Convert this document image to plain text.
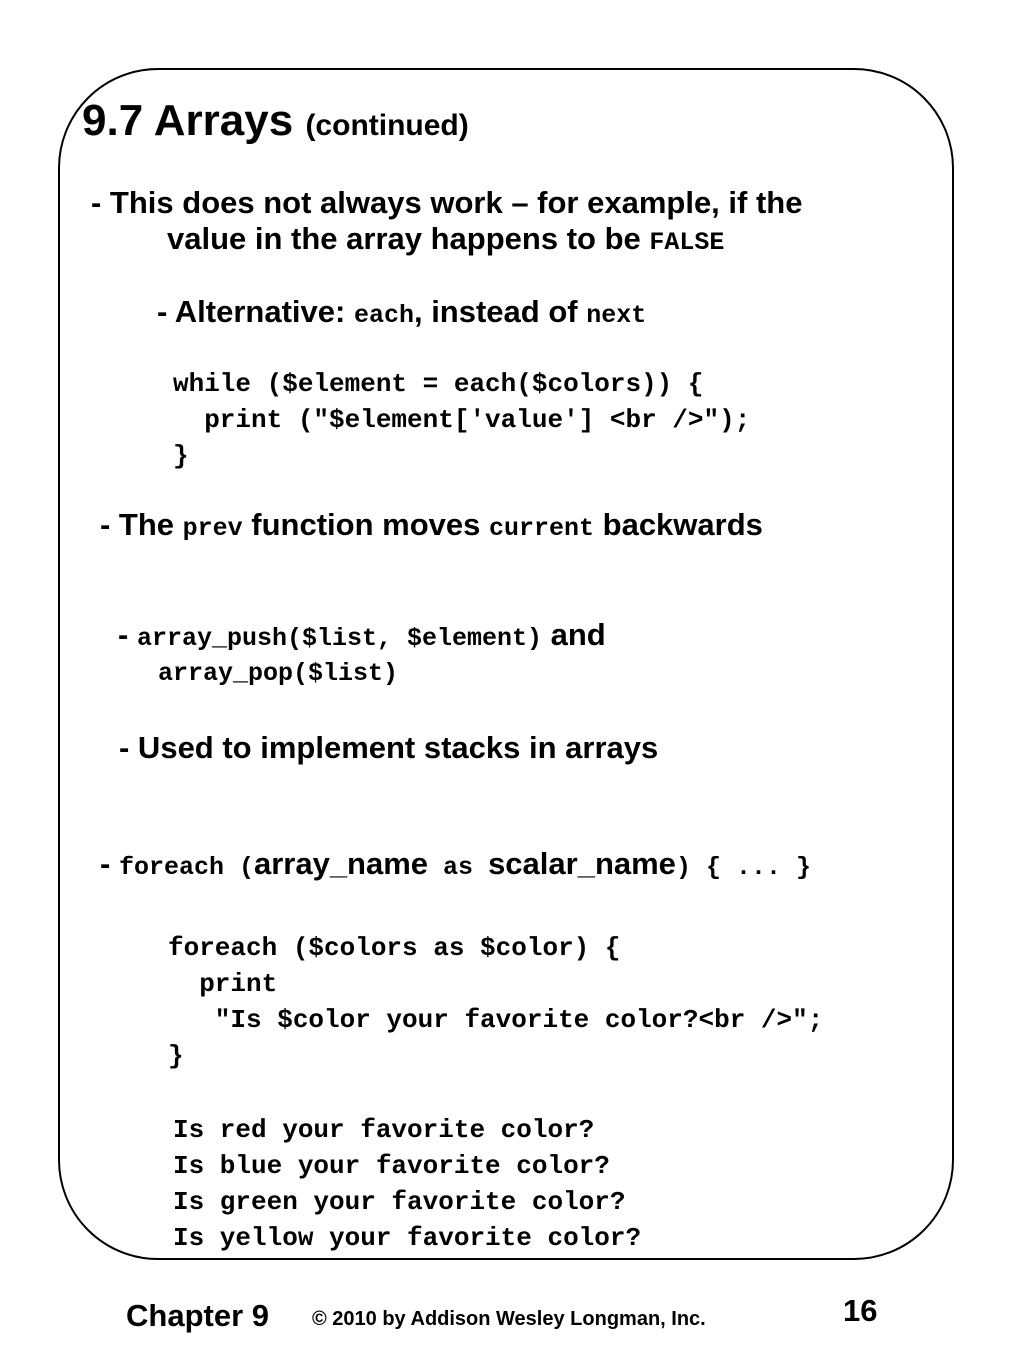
9.7 Arrays (continued)
- This does not always work – for example, if the
value in the array happens to be FALSE
- Alternative: each, instead of next
while ($element = each($colors)) {
print ("$element['value'] <br />");
}
- The prev function moves current backwards
- array_push($list, $element) and
array_pop($list)
- Used to implement stacks in arrays
- foreach (array_name as scalar_name) { ... }
foreach ($colors as $color) {
print
"Is $color your favorite color?<br />";
}
Is red your favorite color?
Is blue your favorite color?
Is green your favorite color?
Is yellow your favorite color?
Chapter 9 © 2010 by Addison Wesley Longman, Inc.	16
